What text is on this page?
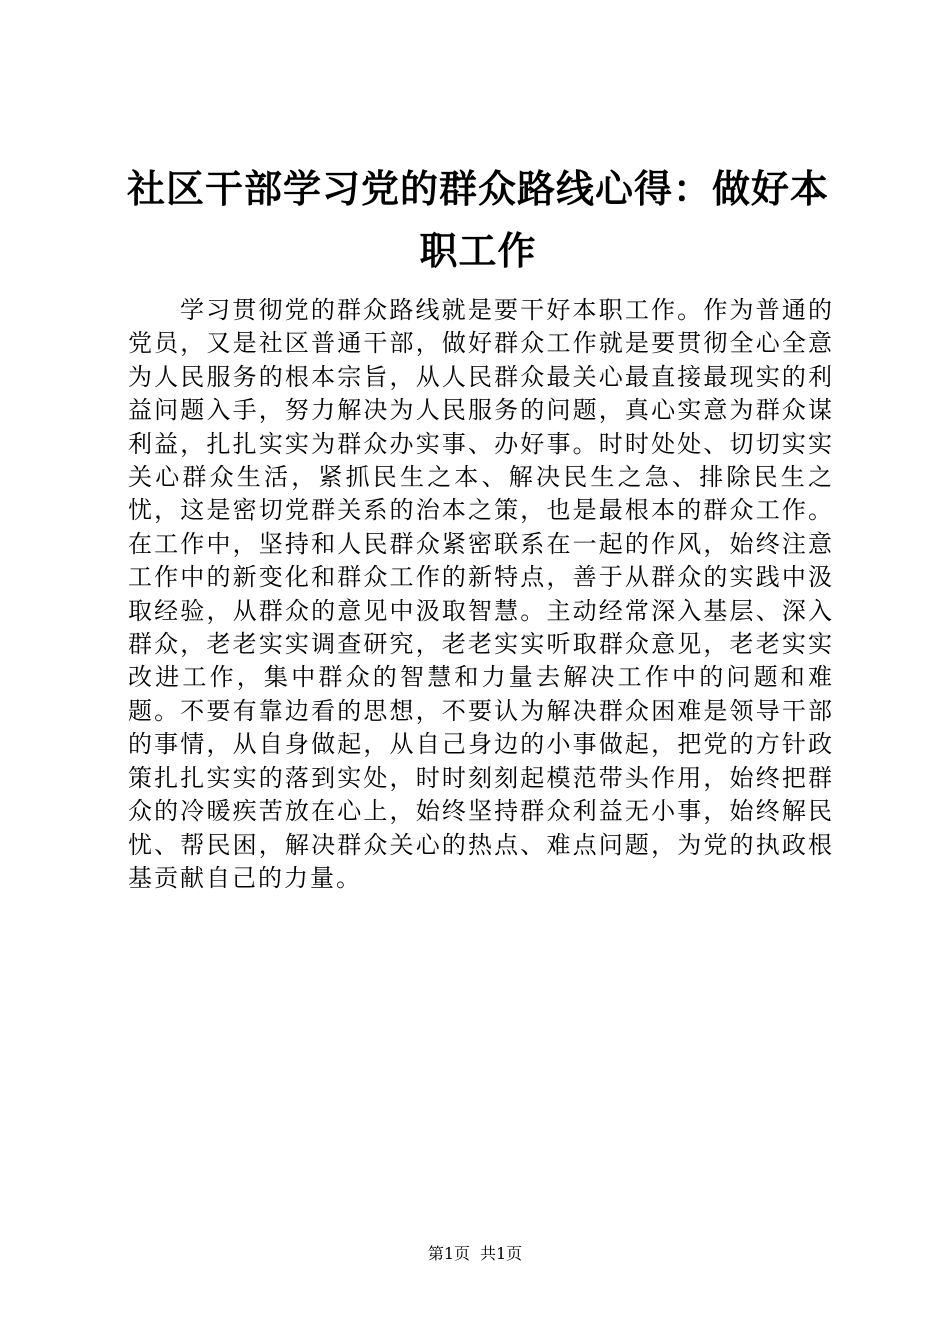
社区干部学习党的群众路线心得：做好本职工作

学习贯彻党的群众路线就是要干好本职工作。作为普通的党员，又是社区普通干部，做好群众工作就是要贯彻全心全意为人民服务的根本宗旨，从人民群众最关心最直接最现实的利益问题入手，努力解决为人民服务的问题，真心实意为群众谋利益，扎扎实实为群众办实事、办好事。时时处处、切切实实关心群众生活，紧抓民生之本、解决民生之急、排除民生之忧，这是密切党群关系的治本之策，也是最根本的群众工作。在工作中，坚持和人民群众紧密联系在一起的作风，始终注意工作中的新变化和群众工作的新特点，善于从群众的实践中汲取经验，从群众的意见中汲取智慧。主动经常深入基层、深入群众，老老实实调查研究，老老实实听取群众意见，老老实实改进工作，集中群众的智慧和力量去解决工作中的问题和难题。不要有靠边看的思想，不要认为解决群众困难是领导干部的事情，从自身做起，从自己身边的小事做起，把党的方针政策扎扎实实的落到实处，时时刻刻起模范带头作用，始终把群众的冷暖疾苦放在心上，始终坚持群众利益无小事，始终解民忧、帮民困，解决群众关心的热点、难点问题，为党的执政根基贡献自己的力量。

第1页 共1页
